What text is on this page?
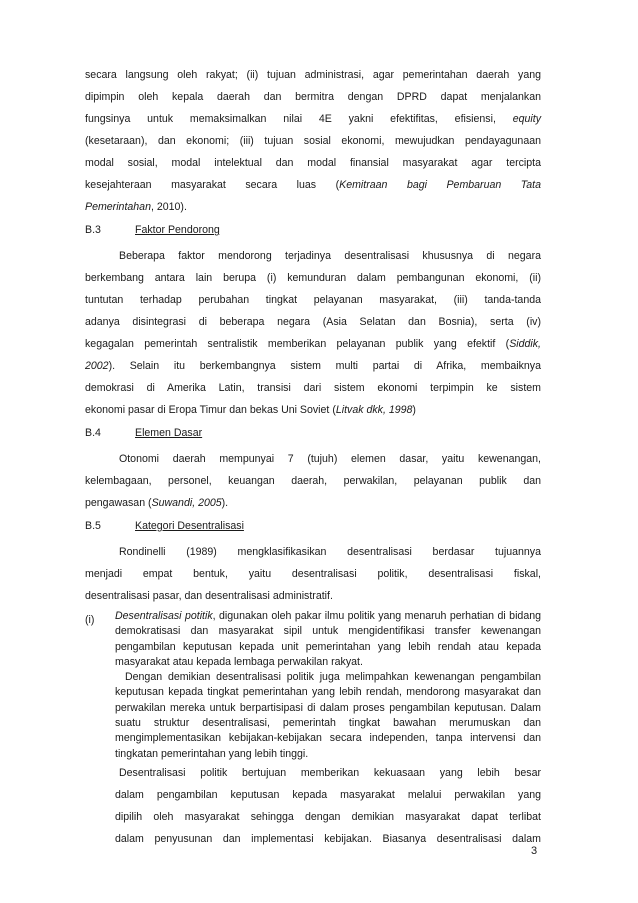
secara langsung oleh rakyat; (ii) tujuan administrasi, agar pemerintahan daerah yang

dipimpin oleh kepala daerah dan bermitra dengan DPRD dapat menjalankan

fungsinya untuk memaksimalkan nilai 4E yakni efektifitas, efisiensi, equity

(kesetaraan), dan ekonomi; (iii) tujuan sosial ekonomi, mewujudkan pendayagunaan

modal sosial, modal intelektual dan modal finansial masyarakat agar tercipta

kesejahteraan masyarakat secara luas (Kemitraan bagi Pembaruan Tata

Pemerintahan, 2010).

B.3	Faktor Pendorong

Beberapa faktor mendorong terjadinya desentralisasi khususnya di negara

berkembang antara lain berupa (i) kemunduran dalam pembangunan ekonomi, (ii)

tuntutan terhadap perubahan tingkat pelayanan masyarakat, (iii) tanda-tanda

adanya disintegrasi di beberapa negara (Asia Selatan dan Bosnia), serta (iv)

kegagalan pemerintah sentralistik memberikan pelayanan publik yang efektif (Siddik,

2002). Selain itu berkembangnya sistem multi partai di Afrika, membaiknya

demokrasi di Amerika Latin, transisi dari sistem ekonomi terpimpin ke sistem

ekonomi pasar di Eropa Timur dan bekas Uni Soviet (Litvak dkk, 1998)

B.4	Elemen Dasar

Otonomi daerah mempunyai 7 (tujuh) elemen dasar, yaitu kewenangan,

kelembagaan, personel, keuangan daerah, perwakilan, pelayanan publik dan

pengawasan (Suwandi, 2005).

B.5	Kategori Desentralisasi

Rondinelli (1989) mengklasifikasikan desentralisasi berdasar tujuannya

menjadi empat bentuk, yaitu desentralisasi politik, desentralisasi fiskal,

desentralisasi pasar, dan desentralisasi administratif.

(i)	Desentralisasi potitik, digunakan oleh pakar ilmu politik yang menaruh perhatian di bidang demokratisasi dan masyarakat sipil untuk mengidentifikasi transfer kewenangan pengambilan keputusan kepada unit pemerintahan yang lebih rendah atau kepada masyarakat atau kepada lembaga perwakilan rakyat.

Dengan demikian desentralisasi politik juga melimpahkan kewenangan pengambilan keputusan kepada tingkat pemerintahan yang lebih rendah, mendorong masyarakat dan perwakilan mereka untuk berpartisipasi di dalam proses pengambilan keputusan. Dalam suatu struktur desentralisasi, pemerintah tingkat bawahan merumuskan dan mengimplementasikan kebijakan-kebijakan secara independen, tanpa intervensi dan tingkatan pemerintahan yang lebih tinggi.

Desentralisasi politik bertujuan memberikan kekuasaan yang lebih besar

dalam pengambilan keputusan kepada masyarakat melalui perwakilan yang

dipilih oleh masyarakat sehingga dengan demikian masyarakat dapat terlibat

dalam penyusunan dan implementasi kebijakan. Biasanya desentralisasi dalam

3
